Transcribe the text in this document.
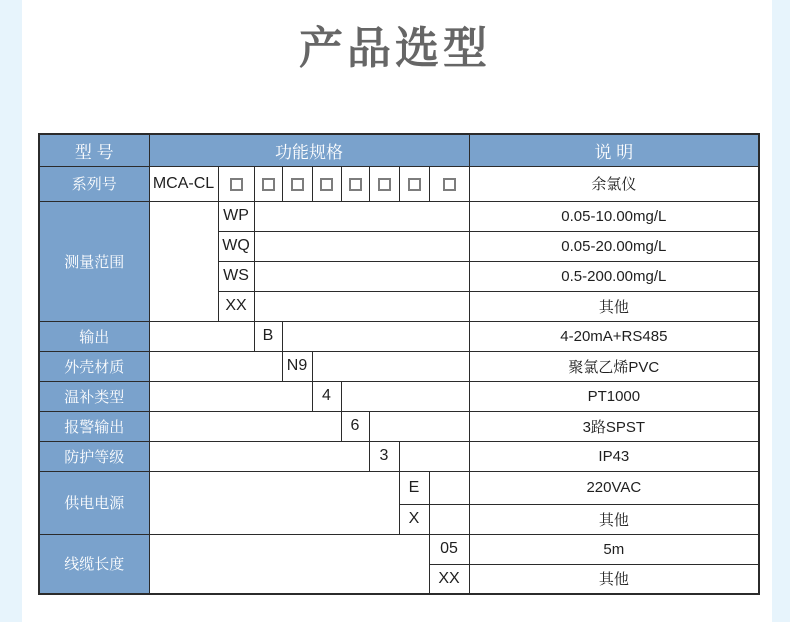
产品选型
型 号	功能规格									说 明
系列号	MCA-CL									余氯仪
测量范围		WP								0.05-10.00mg/L
		WQ								0.05-20.00mg/L
		WS								0.5-200.00mg/L
		XX								其他
输出			B							4-20mA+RS485
外壳材质				N9						聚氯乙烯PVC
温补类型					4					PT1000
报警输出						6				3路SPST
防护等级							3			IP43
供电电源								E		220VAC
								X		其他
线缆长度									05	5m
									XX	其他
